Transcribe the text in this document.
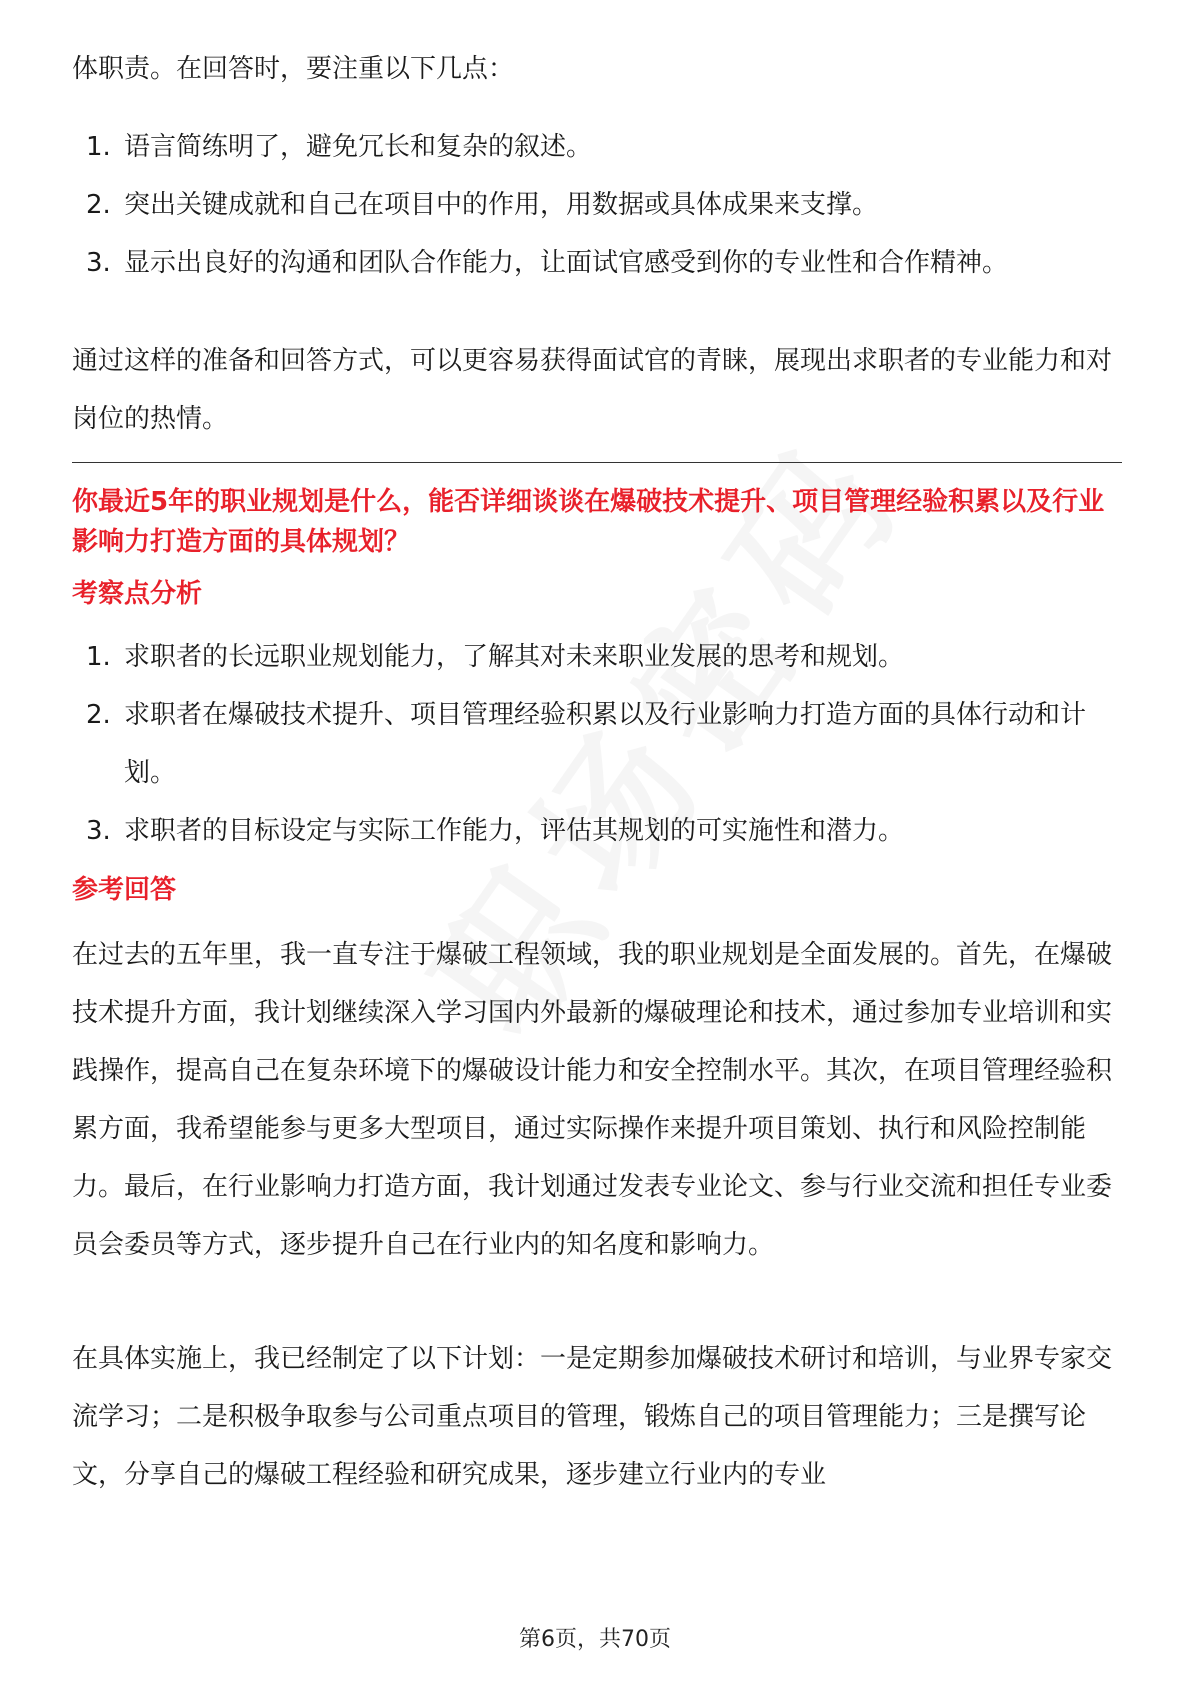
体职责。在回答时，要注重以下几点：

1. 语言简练明了，避免冗长和复杂的叙述。
2. 突出关键成就和自己在项目中的作用，用数据或具体成果来支撑。
3. 显示出良好的沟通和团队合作能力，让面试官感受到你的专业性和合作精神。

通过这样的准备和回答方式，可以更容易获得面试官的青睐，展现出求职者的专业能力和对岗位的热情。

你最近5年的职业规划是什么，能否详细谈谈在爆破技术提升、项目管理经验积累以及行业影响力打造方面的具体规划？

考察点分析

1. 求职者的长远职业规划能力，了解其对未来职业发展的思考和规划。
2. 求职者在爆破技术提升、项目管理经验积累以及行业影响力打造方面的具体行动和计划。
3. 求职者的目标设定与实际工作能力，评估其规划的可实施性和潜力。

参考回答

在过去的五年里，我一直专注于爆破工程领域，我的职业规划是全面发展的。首先，在爆破技术提升方面，我计划继续深入学习国内外最新的爆破理论和技术，通过参加专业培训和实践操作，提高自己在复杂环境下的爆破设计能力和安全控制水平。其次，在项目管理经验积累方面，我希望能参与更多大型项目，通过实际操作来提升项目策划、执行和风险控制能力。最后，在行业影响力打造方面，我计划通过发表专业论文、参与行业交流和担任专业委员会委员等方式，逐步提升自己在行业内的知名度和影响力。

在具体实施上，我已经制定了以下计划：一是定期参加爆破技术研讨和培训，与业界专家交流学习；二是积极争取参与公司重点项目的管理，锻炼自己的项目管理能力；三是撰写论文，分享自己的爆破工程经验和研究成果，逐步建立行业内的专业

第6页，共70页
